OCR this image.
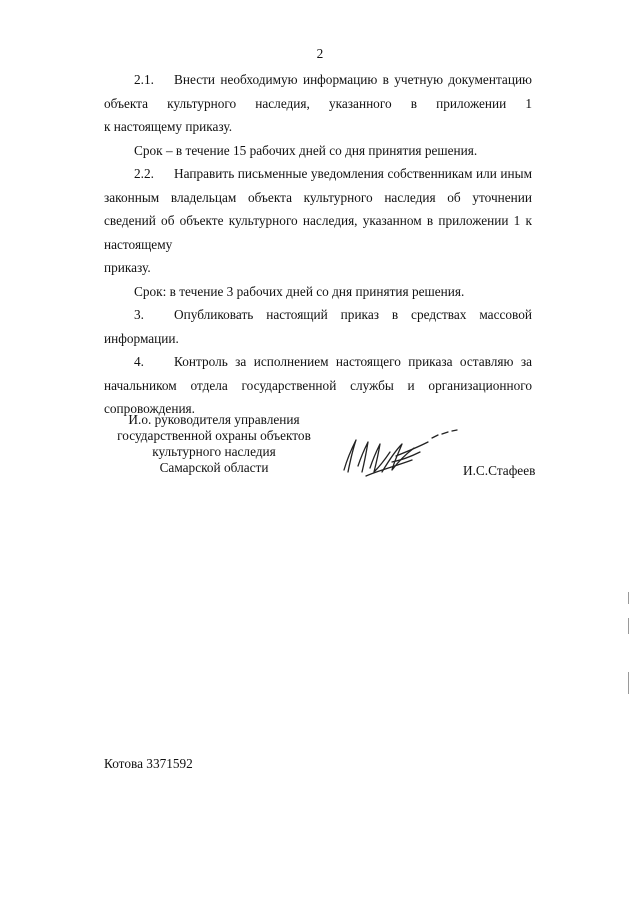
2

2.1. Внести необходимую информацию в учетную документацию объекта культурного наследия, указанного в приложении 1

к настоящему приказу.

Срок – в течение 15 рабочих дней со дня принятия решения.

2.2. Направить письменные уведомления собственникам или иным законным владельцам объекта культурного наследия об уточнении сведений об объекте культурного наследия, указанном в приложении 1 к настоящему

приказу.

Срок: в течение 3 рабочих дней со дня принятия решения.

3. Опубликовать настоящий приказ в средствах массовой

информации.

4. Контроль за исполнением настоящего приказа оставляю за начальником отдела государственной службы и организационного

сопровождения.

И.о. руководителя управления
государственной охраны объектов
культурного наследия
Самарской области	И.С.Стафеев
Котова 3371592
